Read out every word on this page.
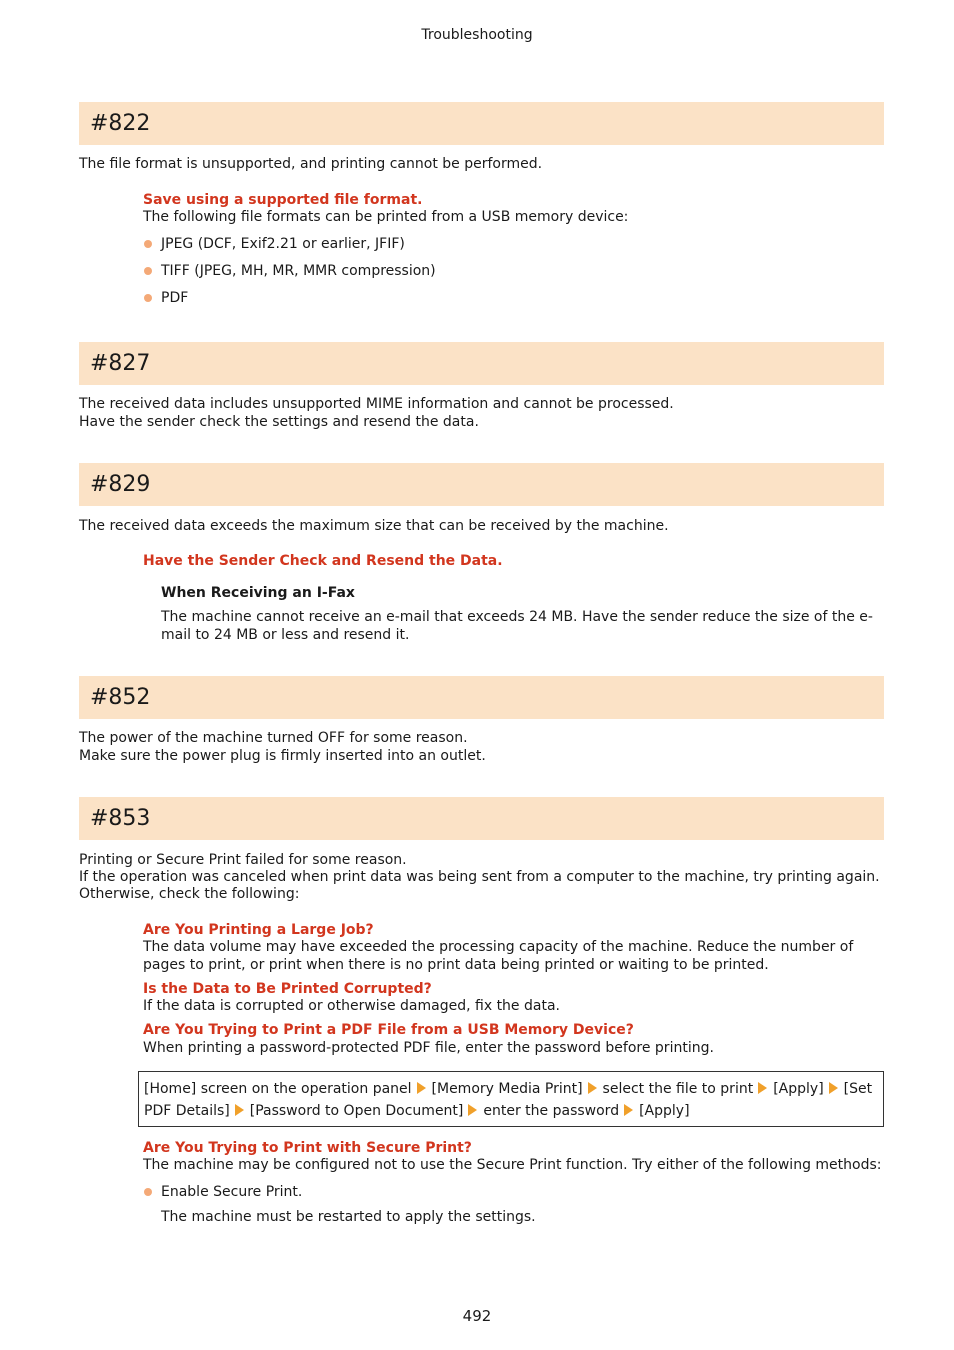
Troubleshooting
#822
The file format is unsupported, and printing cannot be performed.
Save using a supported file format.
The following file formats can be printed from a USB memory device:
JPEG (DCF, Exif2.21 or earlier, JFIF)
TIFF (JPEG, MH, MR, MMR compression)
PDF
#827
The received data includes unsupported MIME information and cannot be processed.
Have the sender check the settings and resend the data.
#829
The received data exceeds the maximum size that can be received by the machine.
Have the Sender Check and Resend the Data.
When Receiving an I-Fax
The machine cannot receive an e-mail that exceeds 24 MB. Have the sender reduce the size of the e-mail to 24 MB or less and resend it.
#852
The power of the machine turned OFF for some reason.
Make sure the power plug is firmly inserted into an outlet.
#853
Printing or Secure Print failed for some reason.
If the operation was canceled when print data was being sent from a computer to the machine, try printing again.
Otherwise, check the following:
Are You Printing a Large Job?
The data volume may have exceeded the processing capacity of the machine. Reduce the number of pages to print, or print when there is no print data being printed or waiting to be printed.
Is the Data to Be Printed Corrupted?
If the data is corrupted or otherwise damaged, fix the data.
Are You Trying to Print a PDF File from a USB Memory Device?
When printing a password-protected PDF file, enter the password before printing.
[Home] screen on the operation panel [Memory Media Print] select the file to print [Apply] [Set PDF Details] [Password to Open Document] enter the password [Apply]
Are You Trying to Print with Secure Print?
The machine may be configured not to use the Secure Print function. Try either of the following methods:
Enable Secure Print.
The machine must be restarted to apply the settings.
492
